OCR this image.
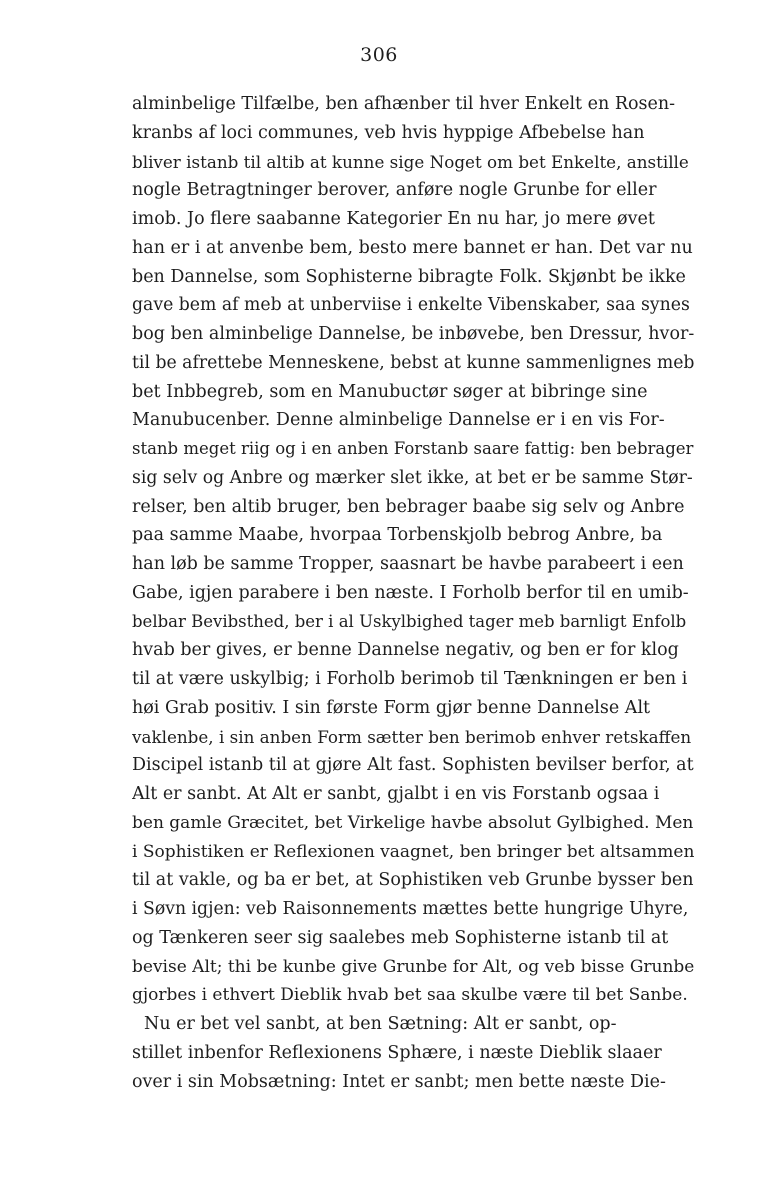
306
alminbelige Tilfælbe, ben afhænber til hver Enkelt en Rosen-
kranbs af loci communes, veb hvis hyppige Afbebelse han
bliver istanb til altib at kunne sige Noget om bet Enkelte, anstille
nogle Betragtninger berover, anføre nogle Grunbe for eller
imob. Jo flere saabanne Kategorier En nu har, jo mere øvet
han er i at anvenbe bem, besto mere bannet er han. Det var nu
ben Dannelse, som Sophisterne bibragte Folk. Skjønbt be ikke
gave bem af meb at unberviise i enkelte Vibenskaber, saa synes
bog ben alminbelige Dannelse, be inbøvebe, ben Dressur, hvor-
til be afrettebe Menneskene, bebst at kunne sammenlignes meb
bet Inbbegreb, som en Manubuctør søger at bibringe sine
Manubucenber. Denne alminbelige Dannelse er i en vis For-
stanb meget riig og i en anben Forstanb saare fattig: ben bebrager
sig selv og Anbre og mærker slet ikke, at bet er be samme Stør-
relser, ben altib bruger, ben bebrager baabe sig selv og Anbre
paa samme Maabe, hvorpaa Torbenskjolb bebrog Anbre, ba
han løb be samme Tropper, saasnart be havbe parabeert i een
Gabe, igjen parabere i ben næste. I Forholb berfor til en umib-
belbar Bevibsthed, ber i al Uskylbighed tager meb barnligt Enfolb
hvab ber gives, er benne Dannelse negativ, og ben er for klog
til at være uskylbig; i Forholb berimob til Tænkningen er ben i
høi Grab positiv. I sin første Form gjør benne Dannelse Alt
vaklenbe, i sin anben Form sætter ben berimob enhver retskaffen
Discipel istanb til at gjøre Alt fast. Sophisten bevilser berfor, at
Alt er sanbt. At Alt er sanbt, gjalbt i en vis Forstanb ogsaa i
ben gamle Græcitet, bet Virkelige havbe absolut Gylbighed. Men
i Sophistiken er Reflexionen vaagnet, ben bringer bet altsammen
til at vakle, og ba er bet, at Sophistiken veb Grunbe bysser ben
i Søvn igjen: veb Raisonnements mættes bette hungrige Uhyre,
og Tænkeren seer sig saalebes meb Sophisterne istanb til at
bevise Alt; thi be kunbe give Grunbe for Alt, og veb bisse Grunbe
gjorbes i ethvert Dieblik hvab bet saa skulbe være til bet Sanbe.
Nu er bet vel sanbt, at ben Sætning: Alt er sanbt, op-
stillet inbenfor Reflexionens Sphære, i næste Dieblik slaaer
over i sin Mobsætning: Intet er sanbt; men bette næste Die-
